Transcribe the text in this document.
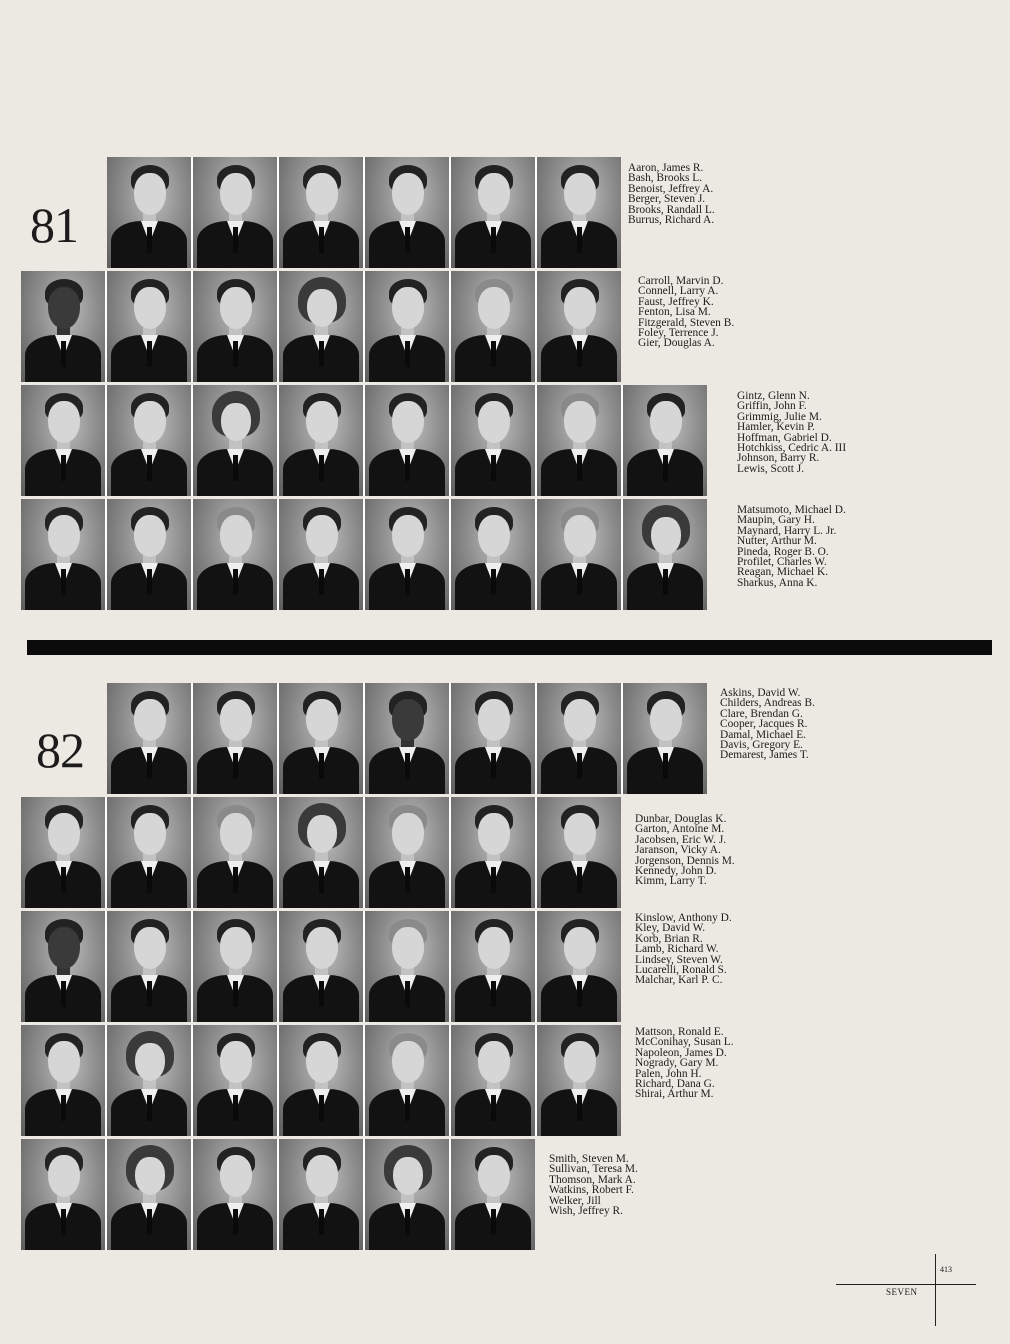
81
Aaron, James R.
Bash, Brooks L.
Benoist, Jeffrey A.
Berger, Steven J.
Brooks, Randall L.
Burrus, Richard A.
Carroll, Marvin D.
Connell, Larry A.
Faust, Jeffrey K.
Fenton, Lisa M.
Fitzgerald, Steven B.
Foley, Terrence J.
Gier, Douglas A.
Gintz, Glenn N.
Griffin, John F.
Grimmig, Julie M.
Hamler, Kevin P.
Hoffman, Gabriel D.
Hotchkiss, Cedric A. III
Johnson, Barry R.
Lewis, Scott J.
Matsumoto, Michael D.
Maupin, Gary H.
Maynard, Harry L. Jr.
Nutter, Arthur M.
Pineda, Roger B. O.
Profilet, Charles W.
Reagan, Michael K.
Sharkus, Anna K.
82
Askins, David W.
Childers, Andreas B.
Clare, Brendan G.
Cooper, Jacques R.
Damal, Michael E.
Davis, Gregory E.
Demarest, James T.
Dunbar, Douglas K.
Garton, Antoine M.
Jacobsen, Eric W. J.
Jaranson, Vicky A.
Jorgenson, Dennis M.
Kennedy, John D.
Kimm, Larry T.
Kinslow, Anthony D.
Kley, David W.
Korb, Brian R.
Lamb, Richard W.
Lindsey, Steven W.
Lucarelli, Ronald S.
Malchar, Karl P. C.
Mattson, Ronald E.
McConihay, Susan L.
Napoleon, James D.
Nogrady, Gary M.
Palen, John H.
Richard, Dana G.
Shirai, Arthur M.
Smith, Steven M.
Sullivan, Teresa M.
Thomson, Mark A.
Watkins, Robert F.
Welker, Jill
Wish, Jeffrey R.
413
SEVEN
